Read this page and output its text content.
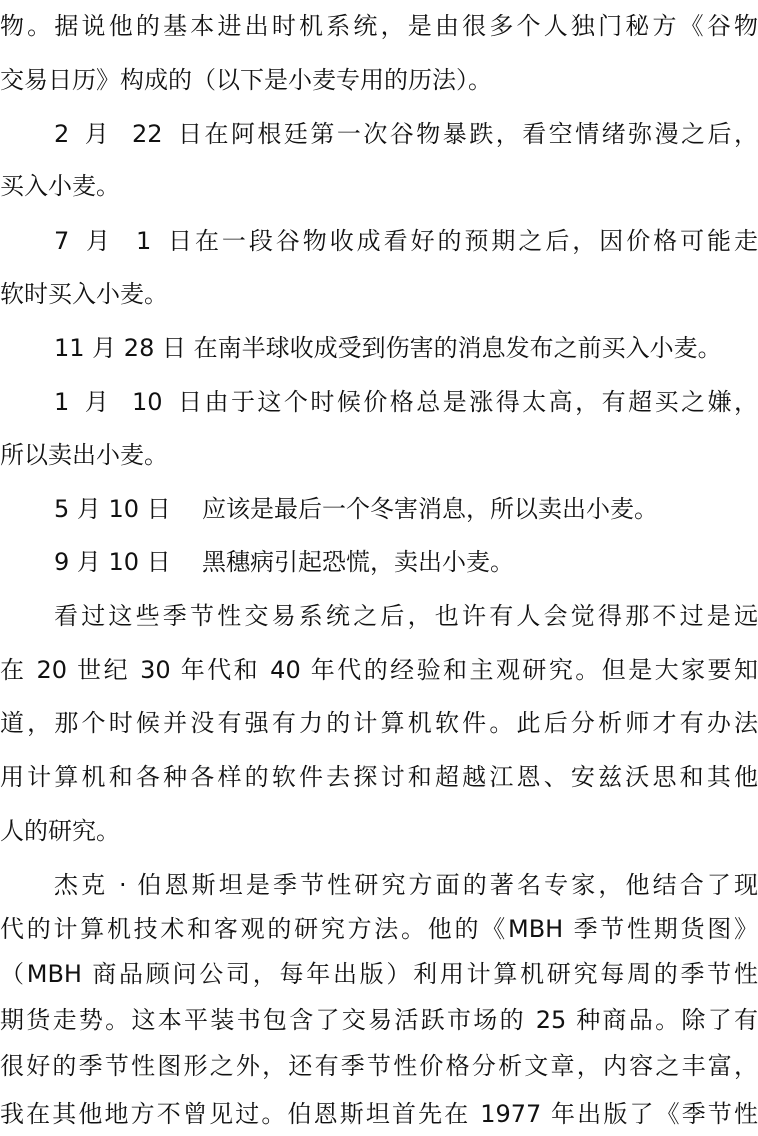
物。据说他的基本进出时机系统，是由很多个人独门秘方《谷物
交易日历》构成的（以下是小麦专用的历法）。
2 月 22 日在阿根廷第一次谷物暴跌，看空情绪弥漫之后，
买入小麦。
7 月 1 日在一段谷物收成看好的预期之后，因价格可能走
软时买入小麦。
11 月 28 日 在南半球收成受到伤害的消息发布之前买入小麦。
1 月 10 日由于这个时候价格总是涨得太高，有超买之嫌，
所以卖出小麦。
5 月 10 日 应该是最后一个冬害消息，所以卖出小麦。
9 月 10 日 黑穗病引起恐慌，卖出小麦。
看过这些季节性交易系统之后，也许有人会觉得那不过是远
在 20 世纪 30 年代和 40 年代的经验和主观研究。但是大家要知
道，那个时候并没有强有力的计算机软件。此后分析师才有办法
用计算机和各种各样的软件去探讨和超越江恩、安兹沃思和其他
人的研究。
杰克 · 伯恩斯坦是季节性研究方面的著名专家，他结合了现
代的计算机技术和客观的研究方法。他的《MBH 季节性期货图》
（MBH 商品顾问公司，每年出版）利用计算机研究每周的季节性
期货走势。这本平装书包含了交易活跃市场的 25 种商品。除了有
很好的季节性图形之外，还有季节性价格分析文章，内容之丰富，
我在其他地方不曾见过。伯恩斯坦首先在 1977 年出版了《季节性
